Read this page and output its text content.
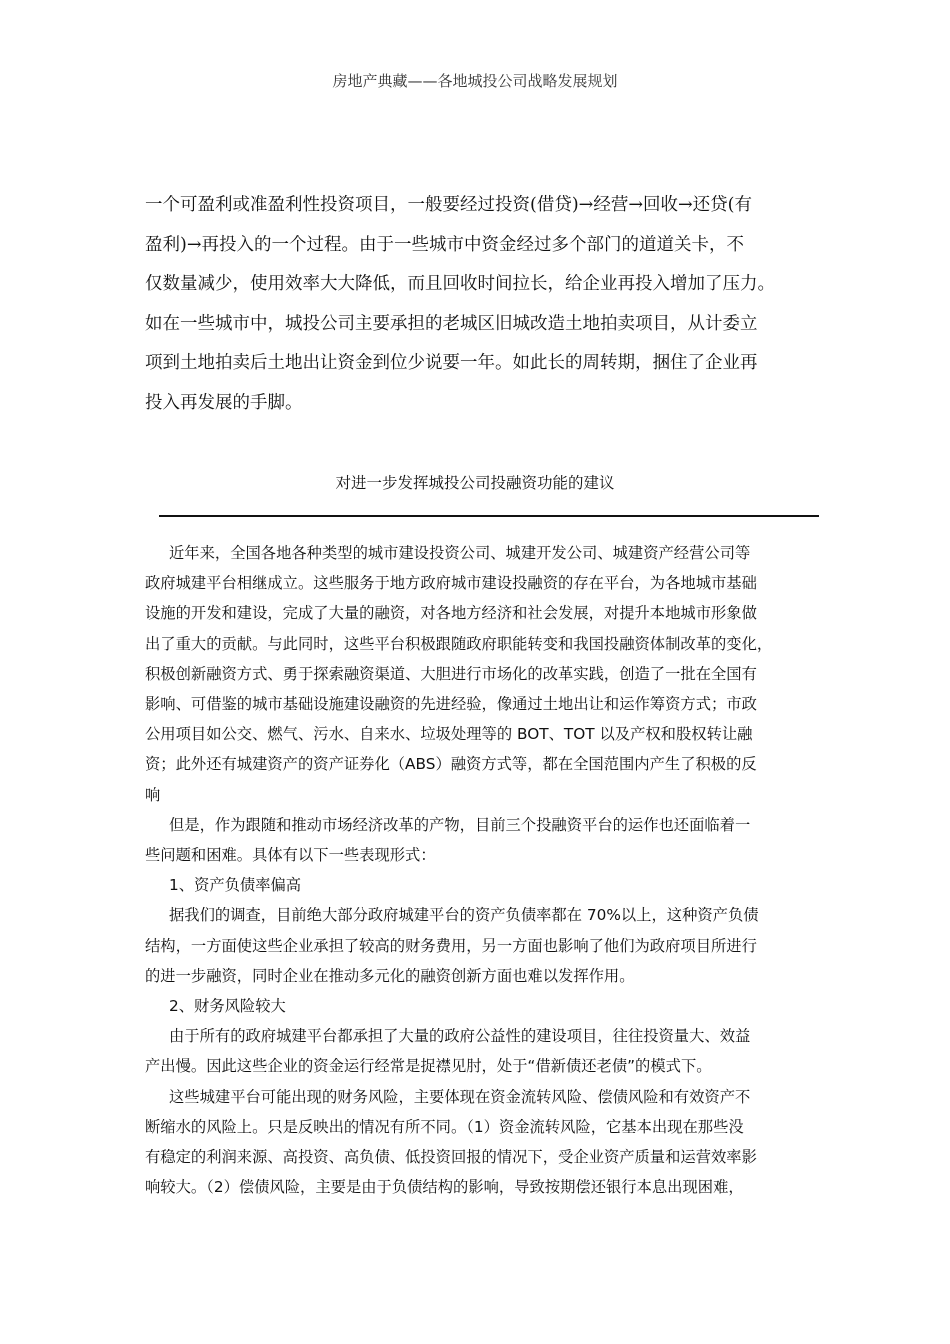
房地产典藏——各地城投公司战略发展规划

一个可盈利或准盈利性投资项目，一般要经过投资(借贷)→经营→回收→还贷(有

盈利)→再投入的一个过程。由于一些城市中资金经过多个部门的道道关卡，不

仅数量减少，使用效率大大降低，而且回收时间拉长，给企业再投入增加了压力。

如在一些城市中，城投公司主要承担的老城区旧城改造土地拍卖项目，从计委立

项到土地拍卖后土地出让资金到位少说要一年。如此长的周转期，捆住了企业再

投入再发展的手脚。

对进一步发挥城投公司投融资功能的建议

近年来，全国各地各种类型的城市建设投资公司、城建开发公司、城建资产经营公司等

政府城建平台相继成立。这些服务于地方政府城市建设投融资的存在平台，为各地城市基础

设施的开发和建设，完成了大量的融资，对各地方经济和社会发展，对提升本地城市形象做

出了重大的贡献。与此同时，这些平台积极跟随政府职能转变和我国投融资体制改革的变化，

积极创新融资方式、勇于探索融资渠道、大胆进行市场化的改革实践，创造了一批在全国有

影响、可借鉴的城市基础设施建设融资的先进经验，像通过土地出让和运作筹资方式；市政

公用项目如公交、燃气、污水、自来水、垃圾处理等的 BOT、TOT 以及产权和股权转让融

资；此外还有城建资产的资产证券化（ABS）融资方式等，都在全国范围内产生了积极的反

响

但是，作为跟随和推动市场经济改革的产物，目前三个投融资平台的运作也还面临着一

些问题和困难。具体有以下一些表现形式：

1、资产负债率偏高

据我们的调查，目前绝大部分政府城建平台的资产负债率都在 70%以上，这种资产负债

结构，一方面使这些企业承担了较高的财务费用，另一方面也影响了他们为政府项目所进行

的进一步融资，同时企业在推动多元化的融资创新方面也难以发挥作用。

2、财务风险较大

由于所有的政府城建平台都承担了大量的政府公益性的建设项目，往往投资量大、效益

产出慢。因此这些企业的资金运行经常是捉襟见肘，处于“借新债还老债”的模式下。

这些城建平台可能出现的财务风险，主要体现在资金流转风险、偿债风险和有效资产不

断缩水的风险上。只是反映出的情况有所不同。（1）资金流转风险，它基本出现在那些没

有稳定的利润来源、高投资、高负债、低投资回报的情况下，受企业资产质量和运营效率影

响较大。（2）偿债风险，主要是由于负债结构的影响，导致按期偿还银行本息出现困难，
